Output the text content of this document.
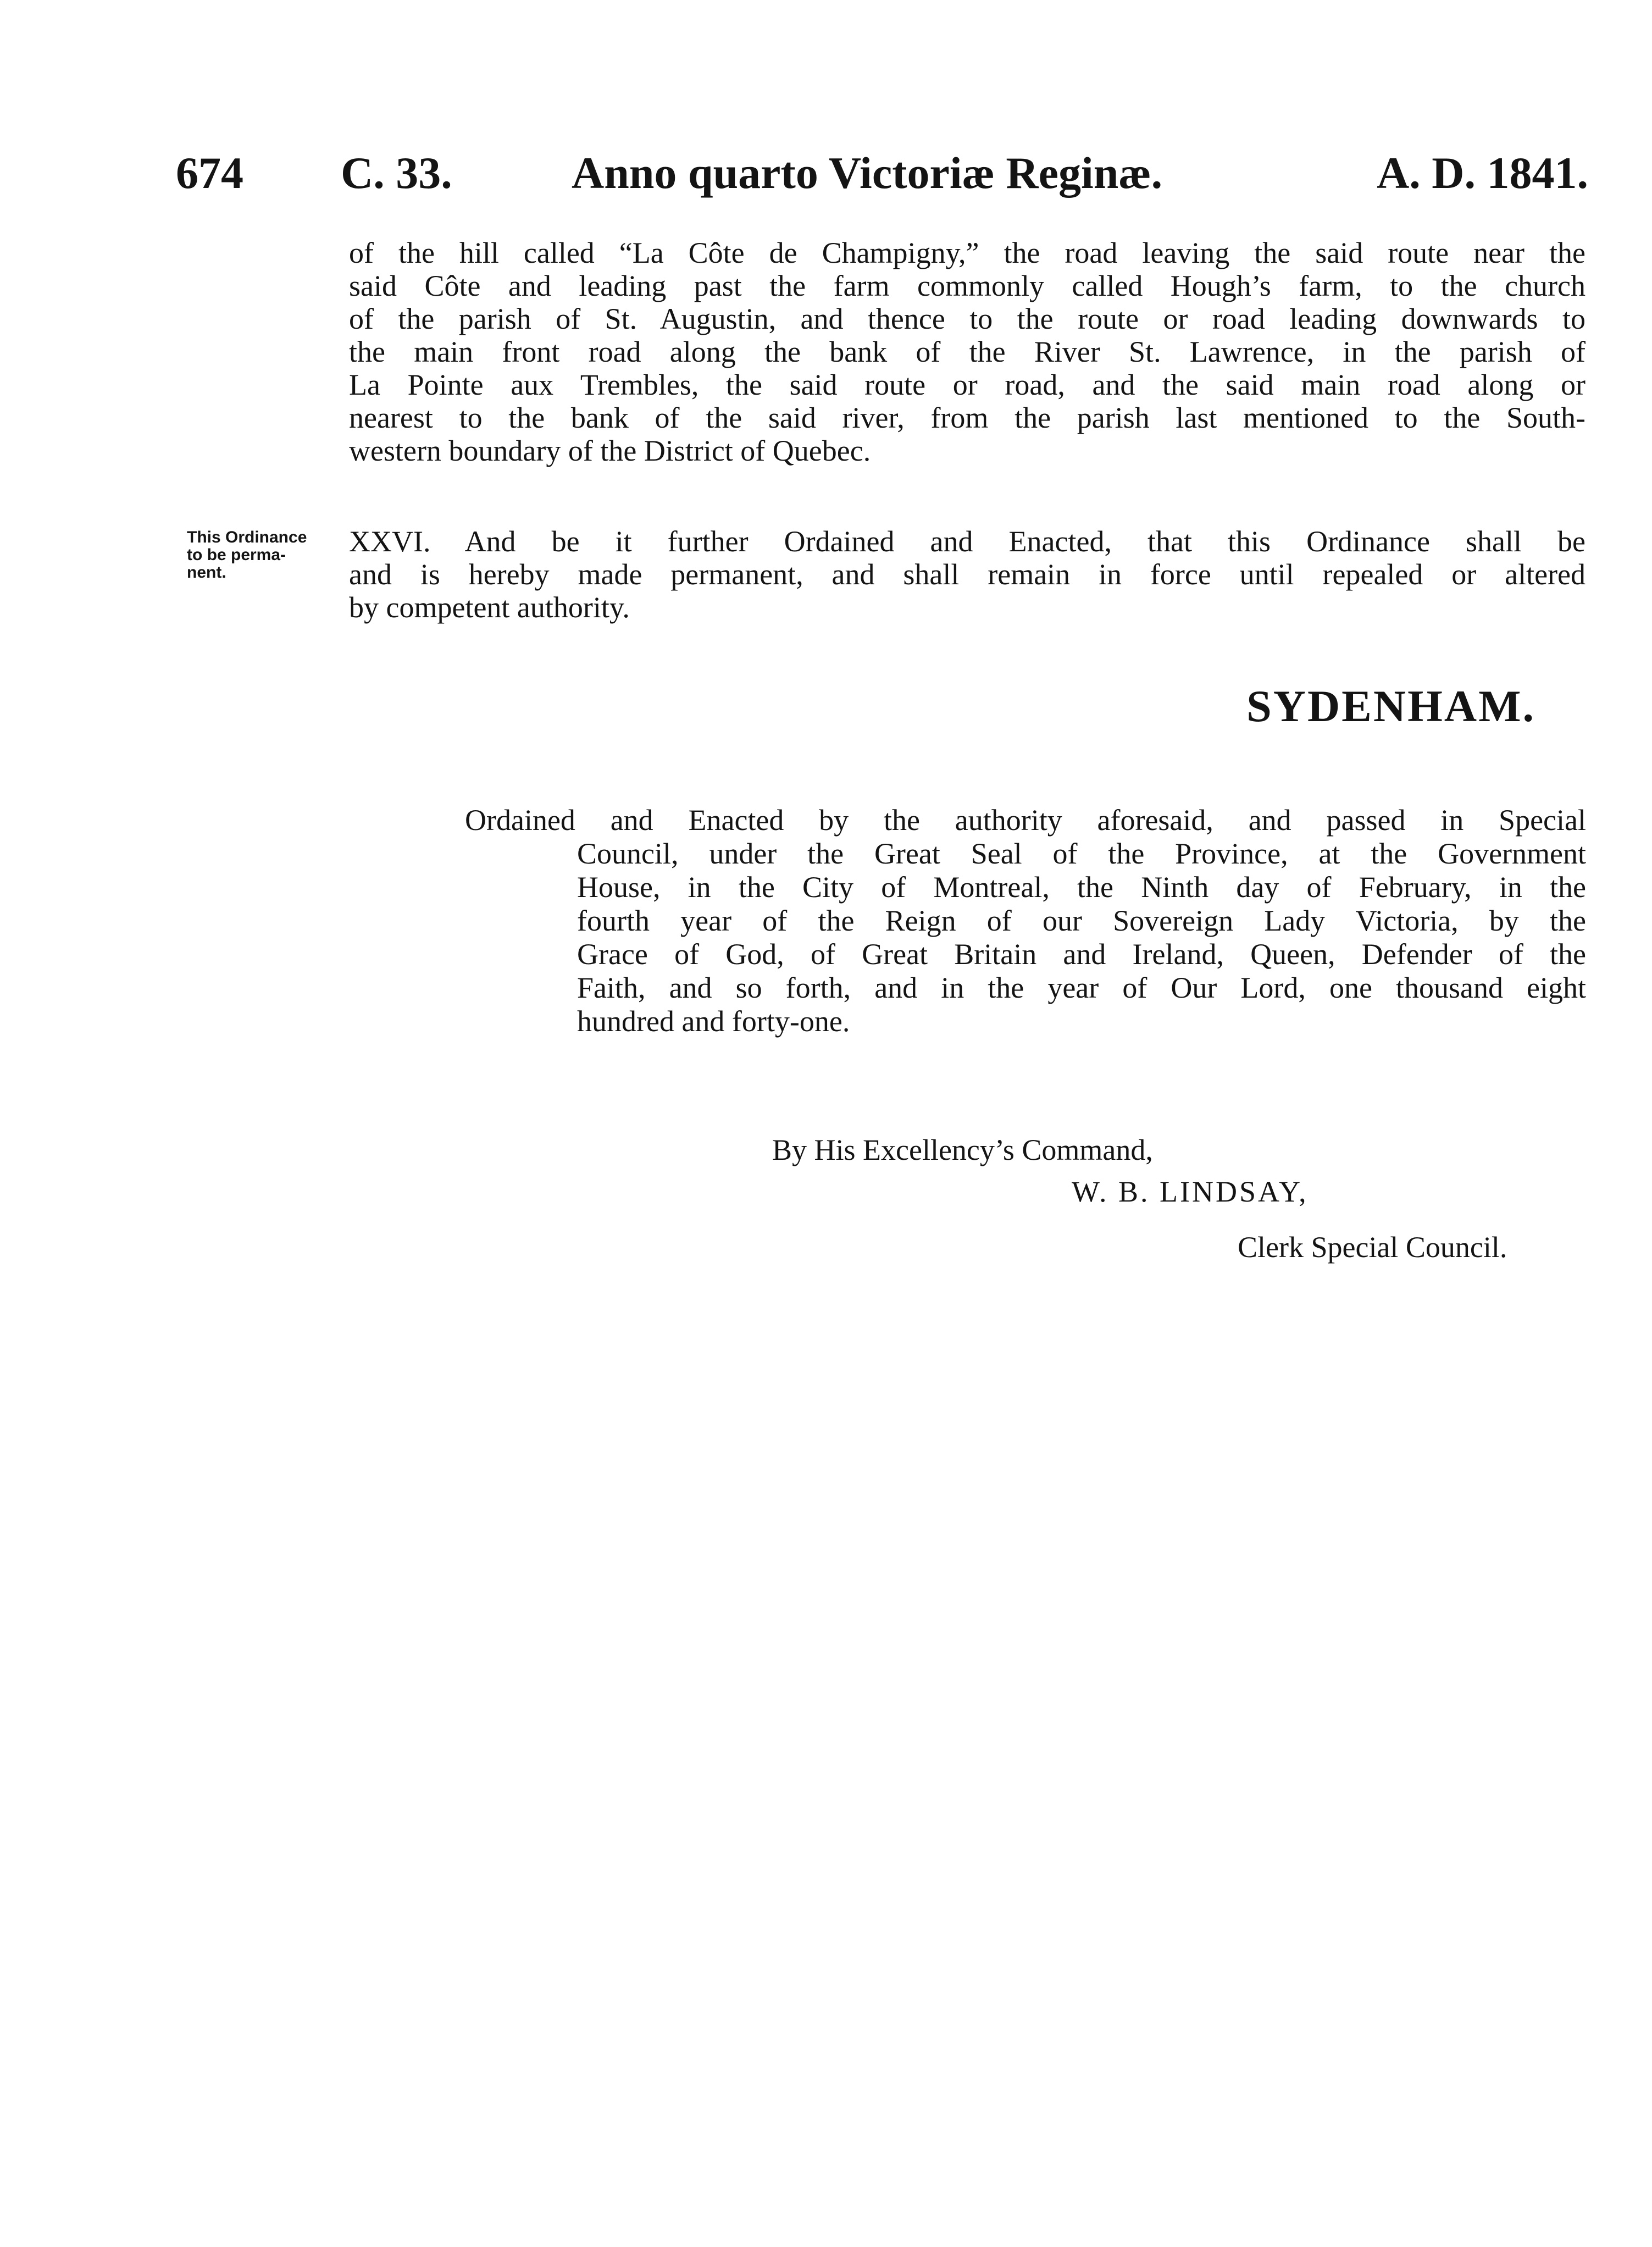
674 C. 33.	Anno quarto Victoriæ Reginæ.	A. D. 1841.
of the hill called “La Côte de Champigny,” the road leaving the said route near the
said Côte and leading past the farm commonly called Hough’s farm, to the church
of the parish of St. Augustin, and thence to the route or road leading downwards to
the main front road along the bank of the River St. Lawrence, in the parish of
La Pointe aux Trembles, the said route or road, and the said main road along or
nearest to the bank of the said river, from the parish last mentioned to the South-
western boundary of the District of Quebec.
This Ordinance
to be perma-
nent.
XXVI. And be it further Ordained and Enacted, that this Ordinance shall be
and is hereby made permanent, and shall remain in force until repealed or altered
by competent authority.
SYDENHAM.
Ordained and Enacted by the authority aforesaid, and passed in Special
Council, under the Great Seal of the Province, at the Government
House, in the City of Montreal, the Ninth day of February, in the
fourth year of the Reign of our Sovereign Lady Victoria, by the
Grace of God, of Great Britain and Ireland, Queen, Defender of the
Faith, and so forth, and in the year of Our Lord, one thousand eight
hundred and forty-one.
By His Excellency’s Command,
W. B. LINDSAY,
Clerk Special Council.
